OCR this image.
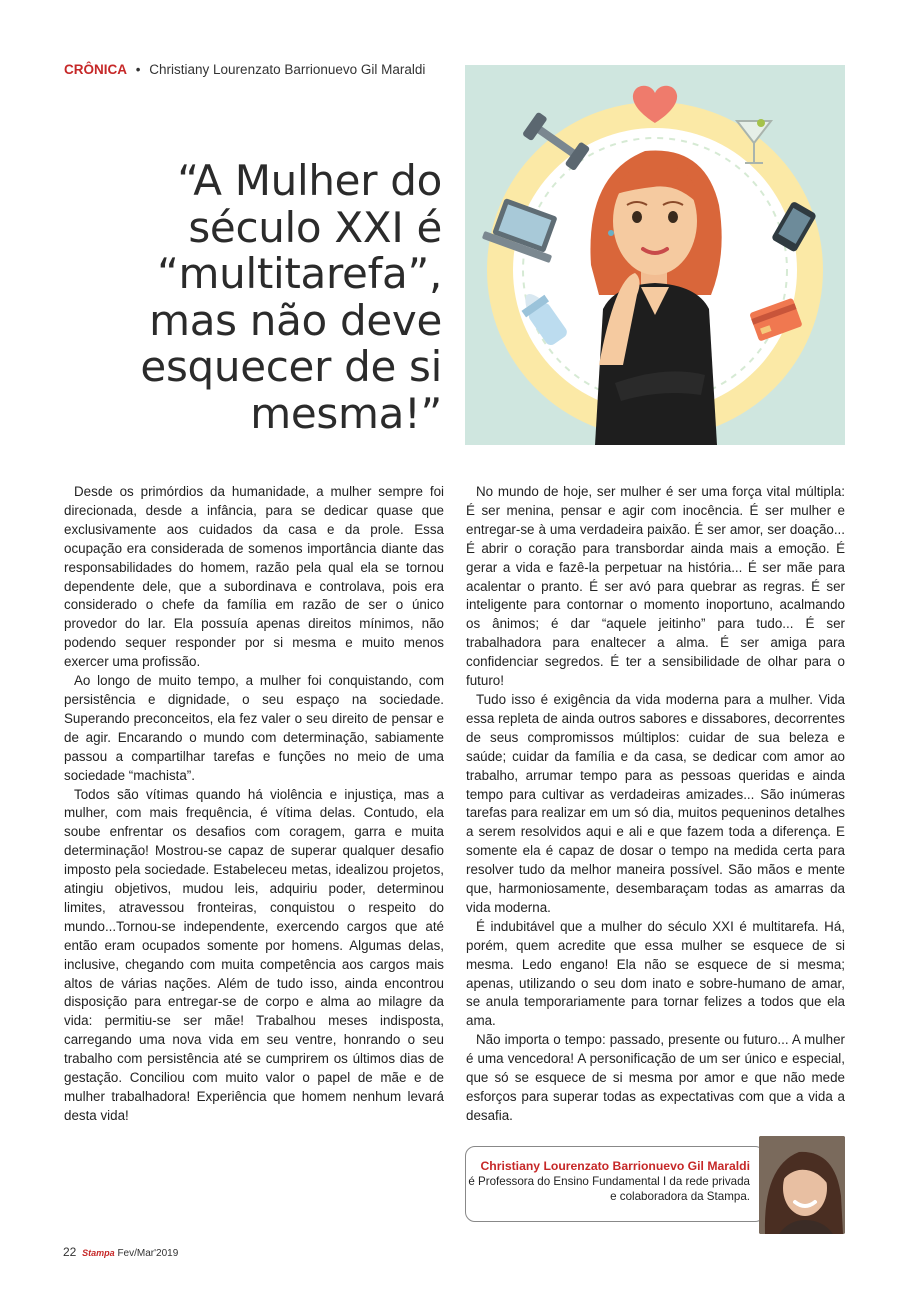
CRÔNICA • Christiany Lourenzato Barrionuevo Gil Maraldi
“A Mulher do século XXI é “multitarefa”, mas não deve esquecer de si mesma!”

Desde os primórdios da humanidade, a mulher sempre foi direcionada, desde a infância, para se dedicar quase que exclusivamente aos cuidados da casa e da prole. Essa ocupação era considerada de somenos importância diante das responsabilidades do homem, razão pela qual ela se tornou dependente dele, que a subordinava e controlava, pois era considerado o chefe da família em razão de ser o único provedor do lar. Ela possuía apenas direitos mínimos, não podendo sequer responder por si mesma e muito menos exercer uma profissão.

Ao longo de muito tempo, a mulher foi conquistando, com persistência e dignidade, o seu espaço na sociedade. Superando preconceitos, ela fez valer o seu direito de pensar e de agir. Encarando o mundo com determinação, sabiamente passou a compartilhar tarefas e funções no meio de uma sociedade “machista”.

Todos são vítimas quando há violência e injustiça, mas a mulher, com mais frequência, é vítima delas. Contudo, ela soube enfrentar os desafios com coragem, garra e muita determinação! Mostrou-se capaz de superar qualquer desafio imposto pela sociedade. Estabeleceu metas, idealizou projetos, atingiu objetivos, mudou leis, adquiriu poder, determinou limites, atravessou fronteiras, conquistou o respeito do mundo...Tornou-se independente, exercendo cargos que até então eram ocupados somente por homens. Algumas delas, inclusive, chegando com muita competência aos cargos mais altos de várias nações. Além de tudo isso, ainda encontrou disposição para entregar-se de corpo e alma ao milagre da vida: permitiu-se ser mãe! Trabalhou meses indisposta, carregando uma nova vida em seu ventre, honrando o seu trabalho com persistência até se cumprirem os últimos dias de gestação. Conciliou com muito valor o papel de mãe e de mulher trabalhadora! Experiência que homem nenhum levará desta vida!

No mundo de hoje, ser mulher é ser uma força vital múltipla: É ser menina, pensar e agir com inocência. É ser mulher e entregar-se à uma verdadeira paixão. É ser amor, ser doação... É abrir o coração para transbordar ainda mais a emoção. É gerar a vida e fazê-la perpetuar na história... É ser mãe para acalentar o pranto. É ser avó para quebrar as regras. É ser inteligente para contornar o momento inoportuno, acalmando os ânimos; é dar “aquele jeitinho” para tudo... É ser trabalhadora para enaltecer a alma. É ser amiga para confidenciar segredos. É ter a sensibilidade de olhar para o futuro!

Tudo isso é exigência da vida moderna para a mulher. Vida essa repleta de ainda outros sabores e dissabores, decorrentes de seus compromissos múltiplos: cuidar de sua beleza e saúde; cuidar da família e da casa, se dedicar com amor ao trabalho, arrumar tempo para as pessoas queridas e ainda tempo para cultivar as verdadeiras amizades... São inúmeras tarefas para realizar em um só dia, muitos pequeninos detalhes a serem resolvidos aqui e ali e que fazem toda a diferença. E somente ela é capaz de dosar o tempo na medida certa para resolver tudo da melhor maneira possível. São mãos e mente que, harmoniosamente, desembaraçam todas as amarras da vida moderna.

É indubitável que a mulher do século XXI é multitarefa. Há, porém, quem acredite que essa mulher se esquece de si mesma. Ledo engano! Ela não se esquece de si mesma; apenas, utilizando o seu dom inato e sobre-humano de amar, se anula temporariamente para tornar felizes a todos que ela ama.

Não importa o tempo: passado, presente ou futuro... A mulher é uma vencedora! A personificação de um ser único e especial, que só se esquece de si mesma por amor e que não mede esforços para superar todas as expectativas com que a vida a desafia.

Christiany Lourenzato Barrionuevo Gil Maraldi
é Professora do Ensino Fundamental I da rede privada
e colaboradora da Stampa.
22 Stampa Fev/Mar'2019
